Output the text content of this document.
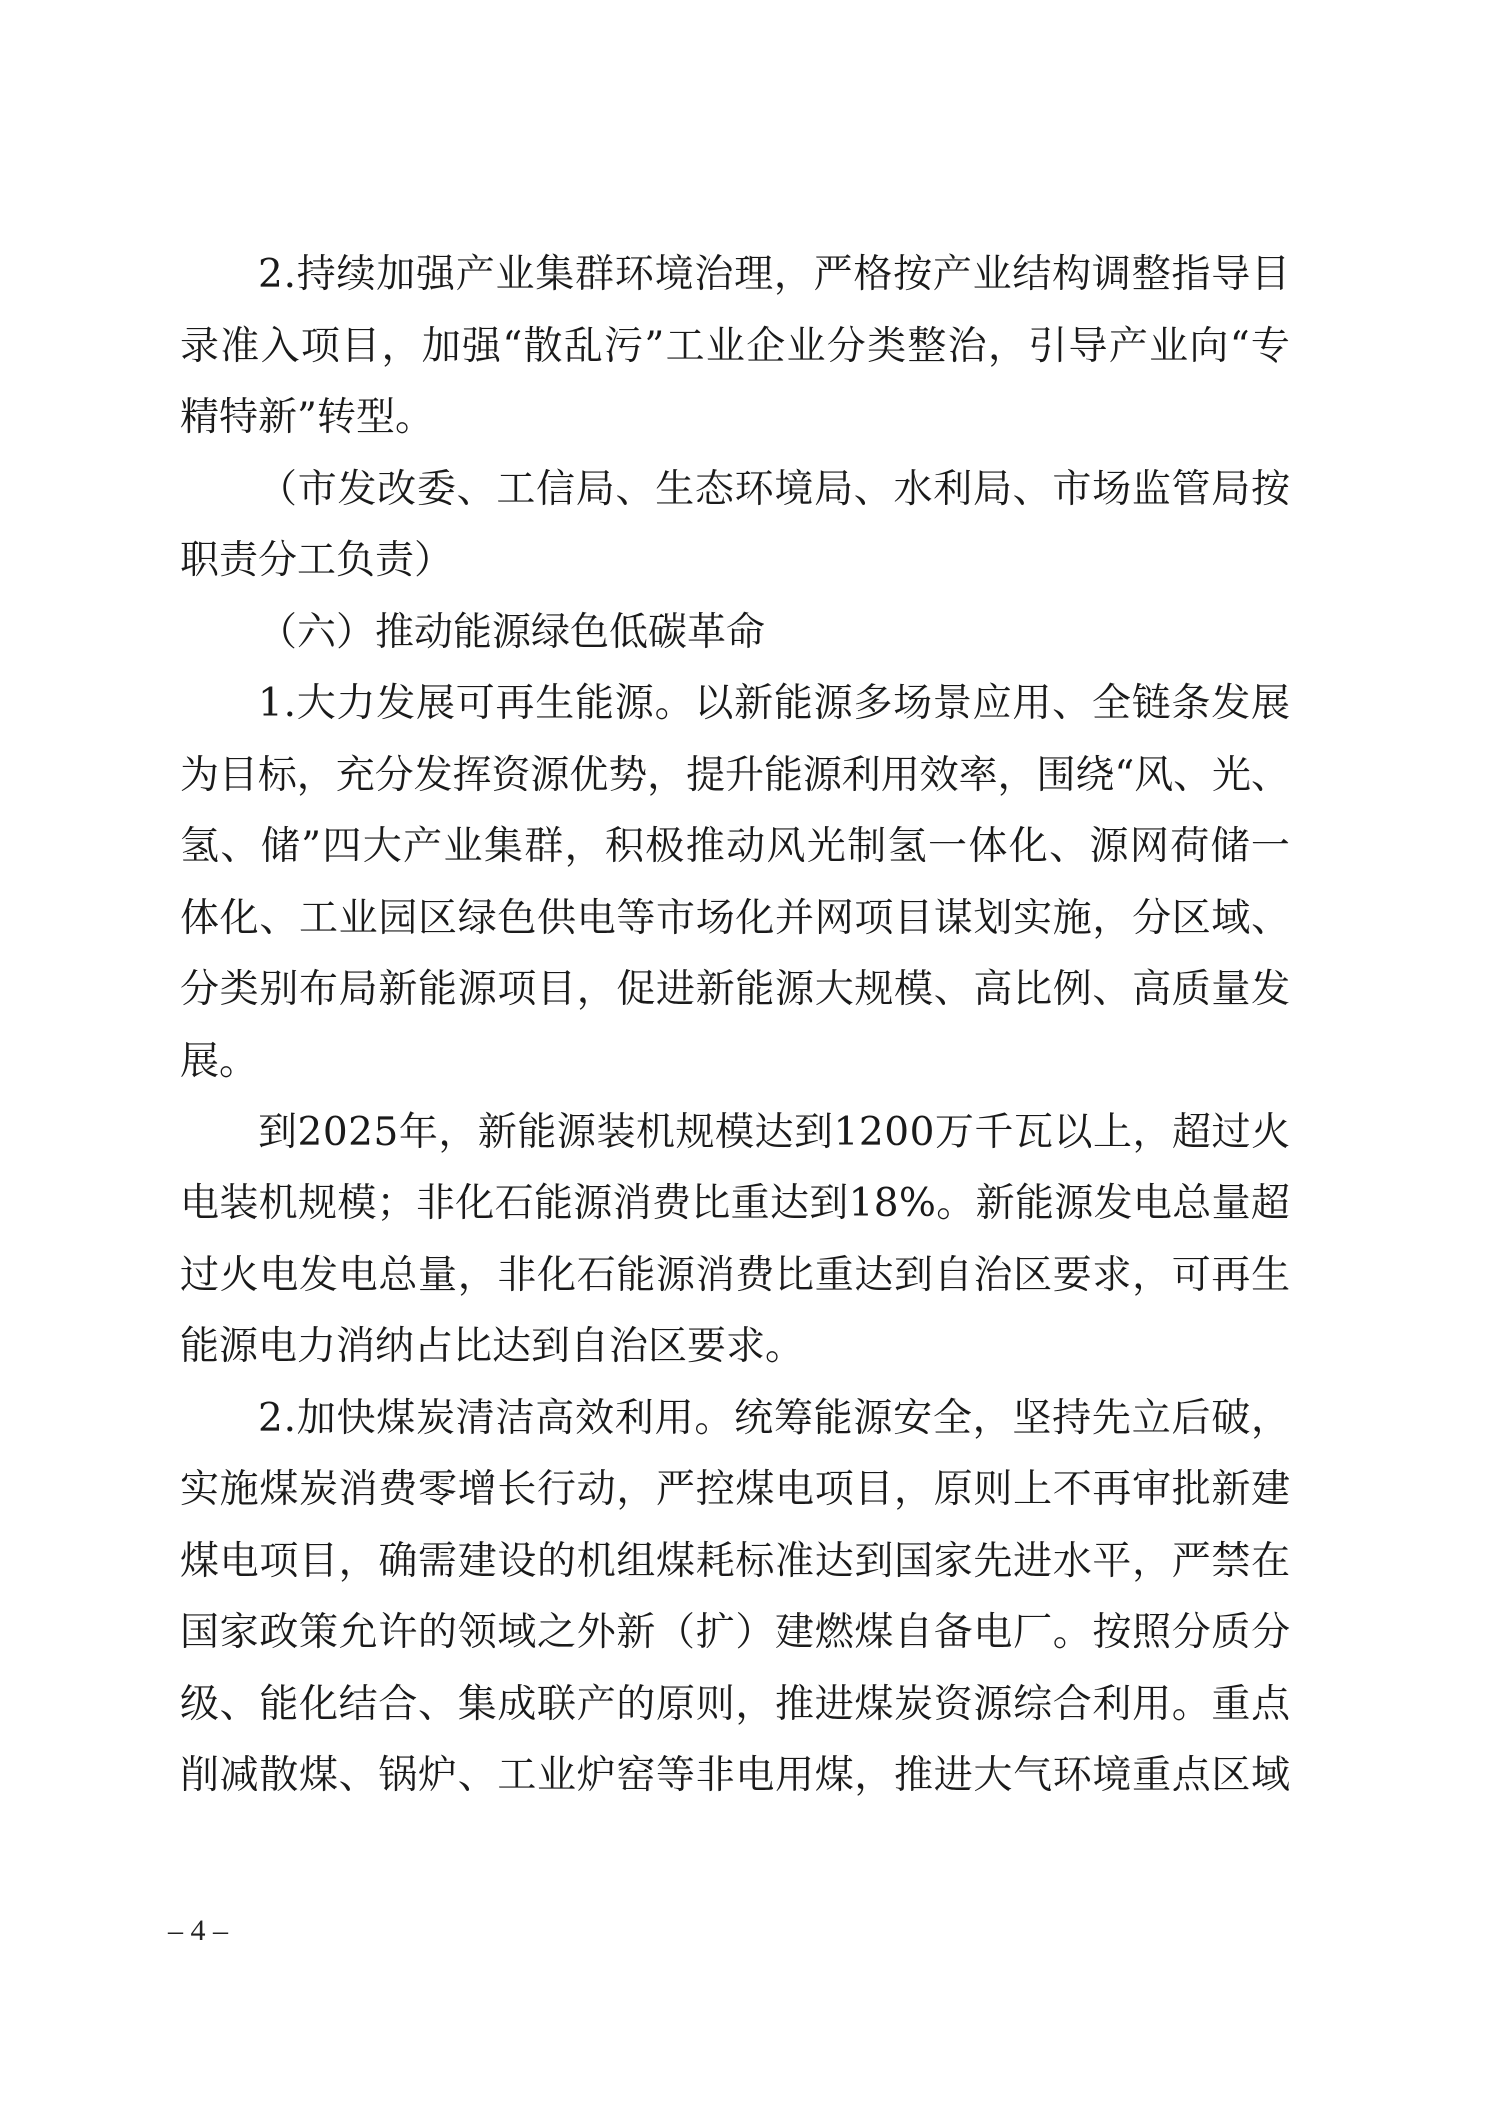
2.持续加强产业集群环境治理，严格按产业结构调整指导目
录准入项目，加强“散乱污”工业企业分类整治，引导产业向“专
精特新”转型。
（市发改委、工信局、生态环境局、水利局、市场监管局按
职责分工负责）
（六）推动能源绿色低碳革命
1.大力发展可再生能源。以新能源多场景应用、全链条发展
为目标，充分发挥资源优势，提升能源利用效率，围绕“风、光、
氢、储”四大产业集群，积极推动风光制氢一体化、源网荷储一
体化、工业园区绿色供电等市场化并网项目谋划实施，分区域、
分类别布局新能源项目，促进新能源大规模、高比例、高质量发
展。
到2025年，新能源装机规模达到1200万千瓦以上，超过火
电装机规模；非化石能源消费比重达到18%。新能源发电总量超
过火电发电总量，非化石能源消费比重达到自治区要求，可再生
能源电力消纳占比达到自治区要求。
2.加快煤炭清洁高效利用。统筹能源安全，坚持先立后破，
实施煤炭消费零增长行动，严控煤电项目，原则上不再审批新建
煤电项目，确需建设的机组煤耗标准达到国家先进水平，严禁在
国家政策允许的领域之外新（扩）建燃煤自备电厂。按照分质分
级、能化结合、集成联产的原则，推进煤炭资源综合利用。重点
削减散煤、锅炉、工业炉窑等非电用煤，推进大气环境重点区域
– 4 –
